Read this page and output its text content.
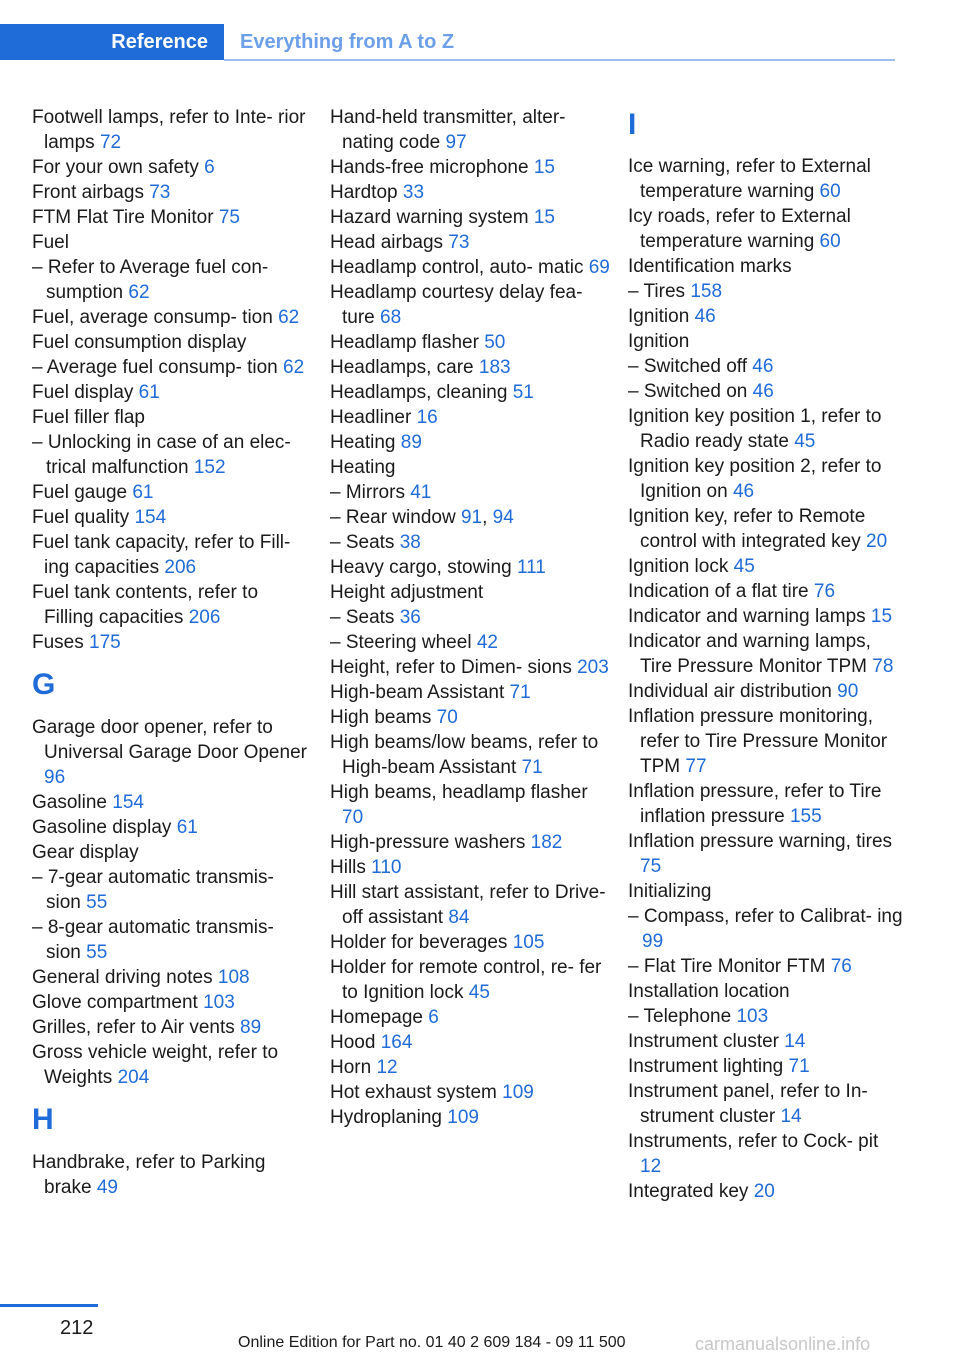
Reference Everything from A to Z
Footwell lamps, refer to Inte- rior lamps 72
For your own safety 6
Front airbags 73
FTM Flat Tire Monitor 75
Fuel
– Refer to Average fuel con- sumption 62
Fuel, average consump- tion 62
Fuel consumption display
– Average fuel consump- tion 62
Fuel display 61
Fuel filler flap
– Unlocking in case of an elec- trical malfunction 152
Fuel gauge 61
Fuel quality 154
Fuel tank capacity, refer to Fill- ing capacities 206
Fuel tank contents, refer to Filling capacities 206
Fuses 175
G
Garage door opener, refer to Universal Garage Door Opener 96
Gasoline 154
Gasoline display 61
Gear display
– 7-gear automatic transmis- sion 55
– 8-gear automatic transmis- sion 55
General driving notes 108
Glove compartment 103
Grilles, refer to Air vents 89
Gross vehicle weight, refer to Weights 204
H
Handbrake, refer to Parking brake 49
Hand-held transmitter, alter- nating code 97
Hands-free microphone 15
Hardtop 33
Hazard warning system 15
Head airbags 73
Headlamp control, auto- matic 69
Headlamp courtesy delay fea- ture 68
Headlamp flasher 50
Headlamps, care 183
Headlamps, cleaning 51
Headliner 16
Heating 89
Heating
– Mirrors 41
– Rear window 91, 94
– Seats 38
Heavy cargo, stowing 111
Height adjustment
– Seats 36
– Steering wheel 42
Height, refer to Dimen- sions 203
High-beam Assistant 71
High beams 70
High beams/low beams, refer to High-beam Assistant 71
High beams, headlamp flasher 70
High-pressure washers 182
Hills 110
Hill start assistant, refer to Drive-off assistant 84
Holder for beverages 105
Holder for remote control, re- fer to Ignition lock 45
Homepage 6
Hood 164
Horn 12
Hot exhaust system 109
Hydroplaning 109
I
Ice warning, refer to External temperature warning 60
Icy roads, refer to External temperature warning 60
Identification marks
– Tires 158
Ignition 46
Ignition
– Switched off 46
– Switched on 46
Ignition key position 1, refer to Radio ready state 45
Ignition key position 2, refer to Ignition on 46
Ignition key, refer to Remote control with integrated key 20
Ignition lock 45
Indication of a flat tire 76
Indicator and warning lamps 15
Indicator and warning lamps, Tire Pressure Monitor TPM 78
Individual air distribution 90
Inflation pressure monitoring, refer to Tire Pressure Monitor TPM 77
Inflation pressure, refer to Tire inflation pressure 155
Inflation pressure warning, tires 75
Initializing
– Compass, refer to Calibrat- ing 99
– Flat Tire Monitor FTM 76
Installation location
– Telephone 103
Instrument cluster 14
Instrument lighting 71
Instrument panel, refer to In- strument cluster 14
Instruments, refer to Cock- pit 12
Integrated key 20
212
Online Edition for Part no. 01 40 2 609 184 - 09 11 500	carmanualsonline.info
